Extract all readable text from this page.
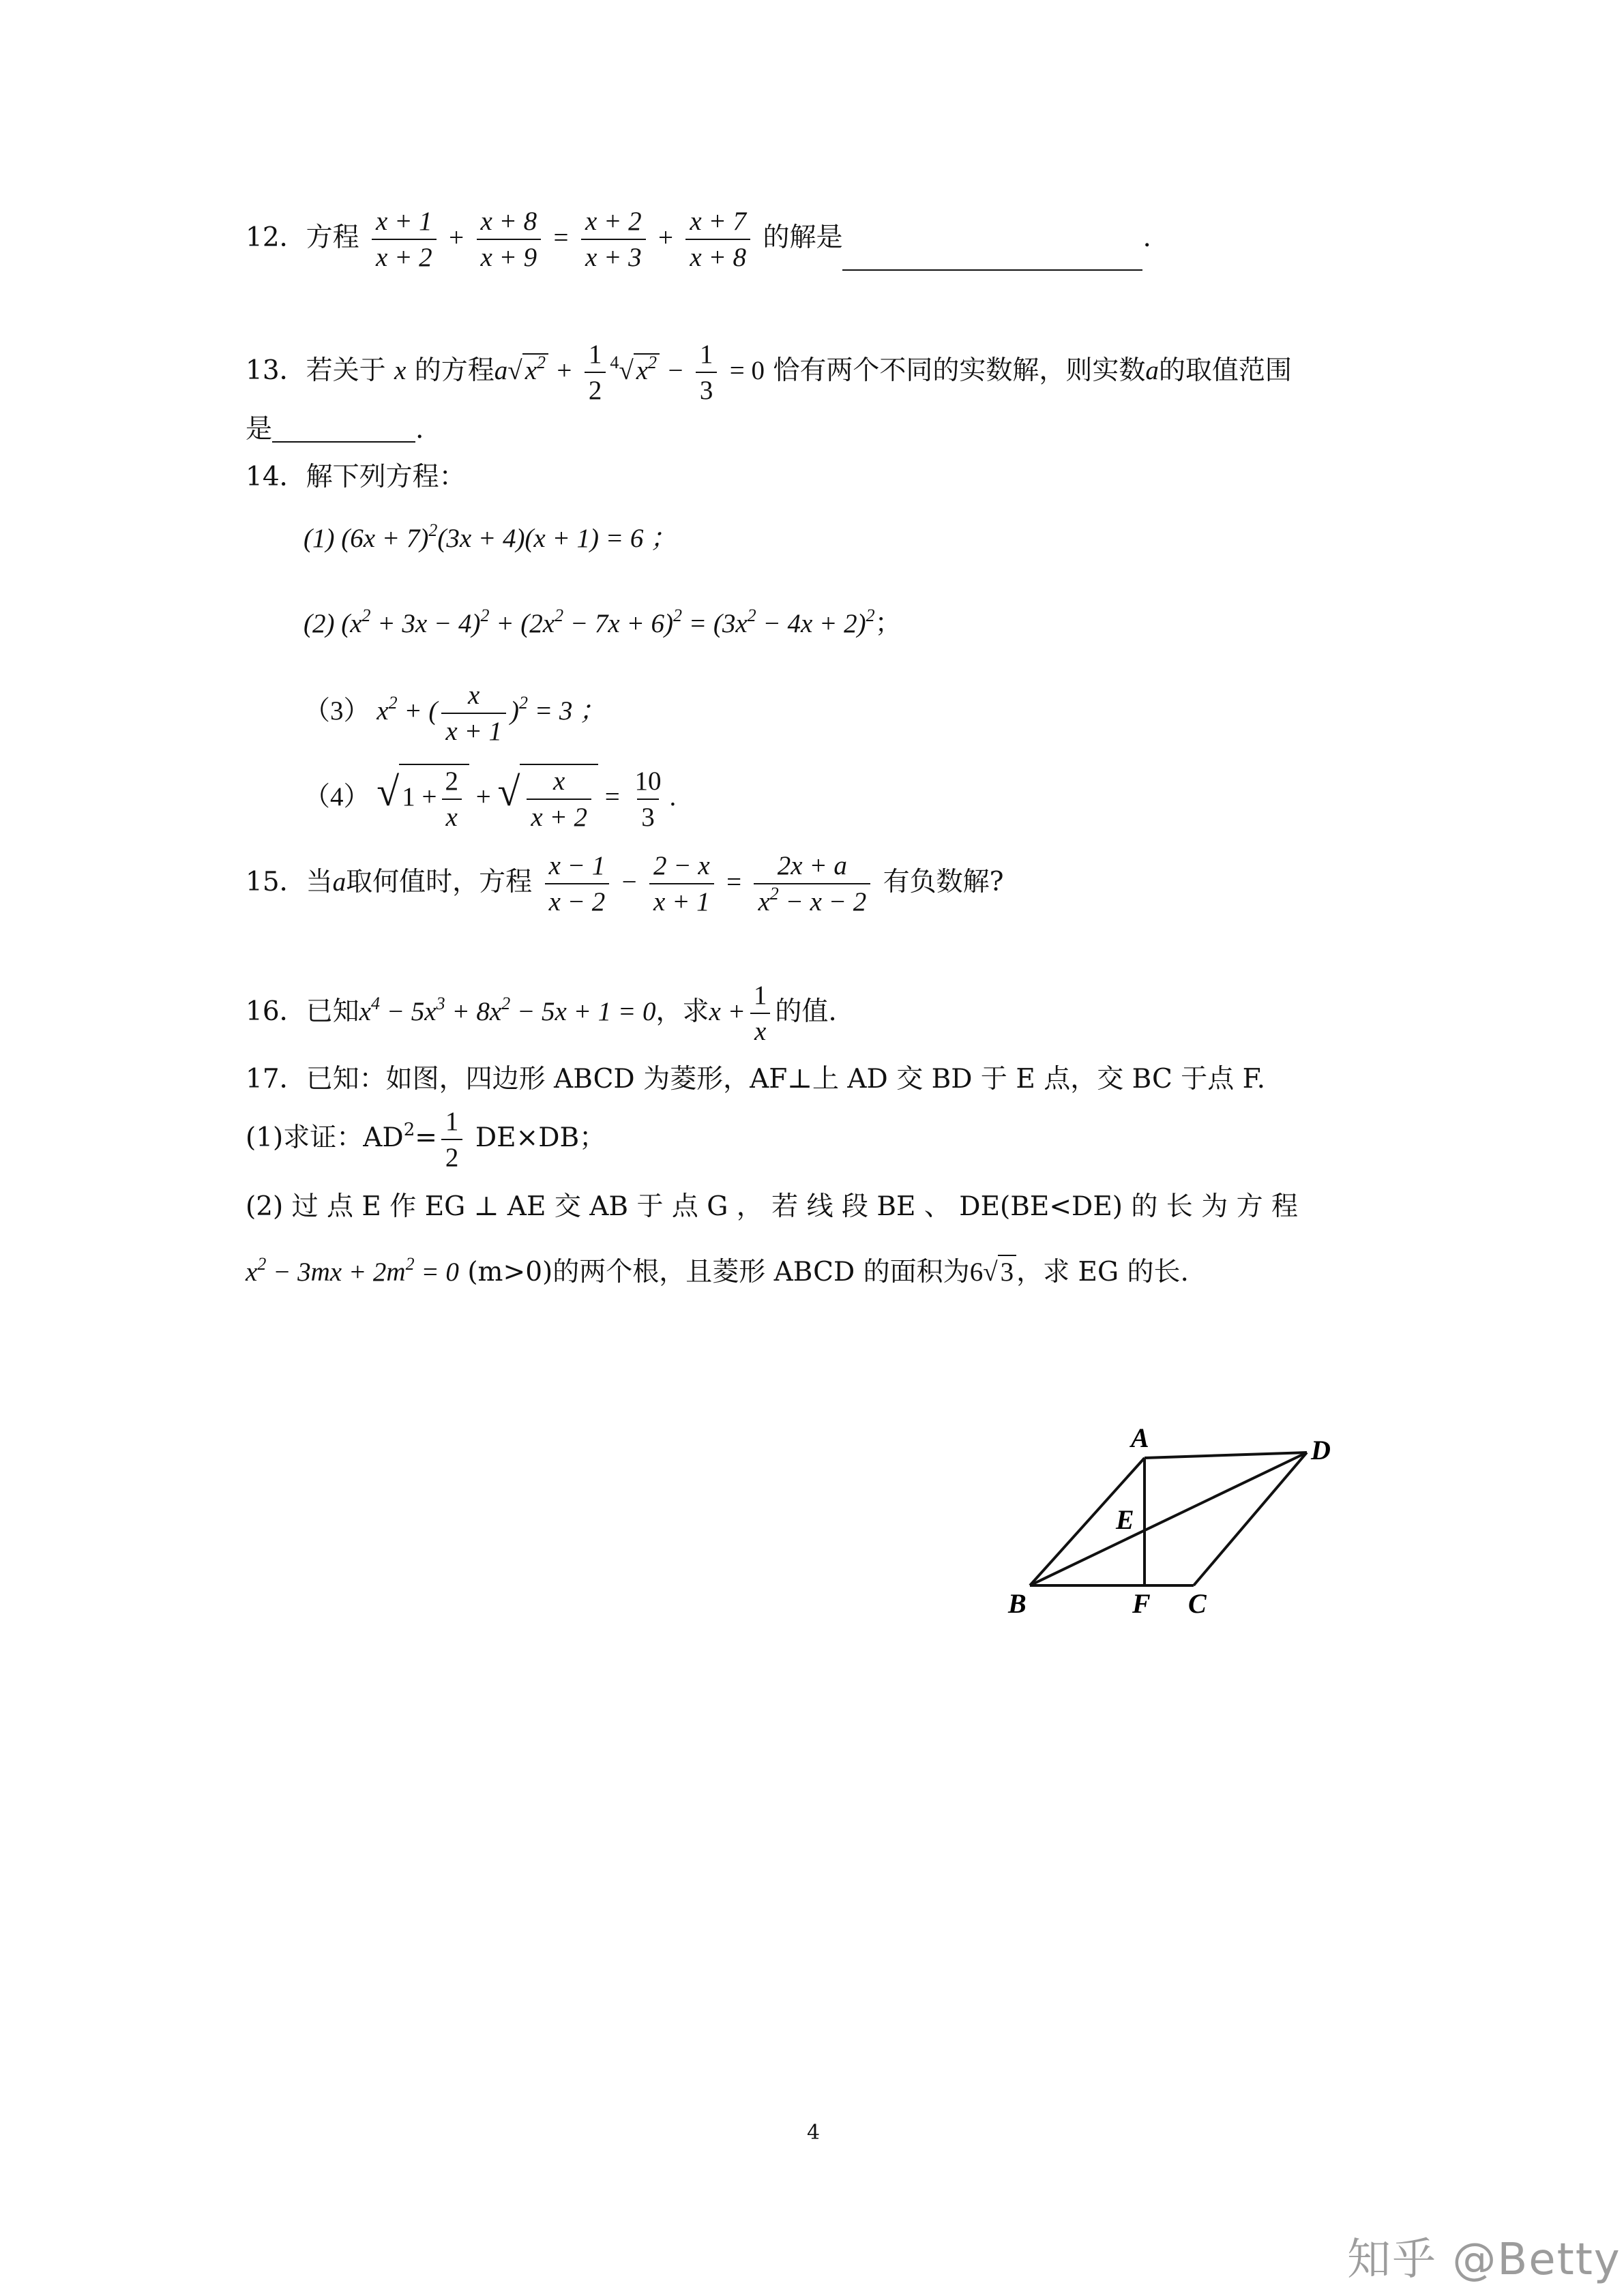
12．方程 $\frac{x + 1}{x + 2} + \frac{x + 8}{x + 9} = \frac{x + 2}{x + 3} + \frac{x + 7}{x + 8}$ 的解是	.
13．若关于 x 的方程a√ $x^2 + \frac{1}{2} ^4√$ $x^2 - \frac{1}{3} = 0$ 恰有两个不同的实数解，则实数a的取值范围
是	.
14．解下列方程：
(1) $(6x + 7)^2(3x + 4)(x + 1) = 6$ ；
(2) $(x^2 + 3x - 4)^2 + (2x^2 - 7x + 6)^2 = (3x^2 - 4x + 2)^2$；
（3） $x^2$ + ( $\frac{x}{x + 1} )^2 = 3$ ；
（4） √ $1 + \frac{2}{x}$ + √ $\frac{x}{x + 2} = \frac{10}{3}$ .
15．当a取何值时，方程 $\frac{x - 1}{x - 2} - \frac{2 - x}{x + 1} = \frac{2x + a}{x^2 - x - 2}$ 有负数解?
16．已知$x^4 - 5x^3 + 8x^2 - 5x + 1 = 0$，求$x + \frac{1}{x}$ 的值.
17．已知：如图，四边形 ABCD 为菱形，AF⊥上 AD 交 BD 于 E 点，交 BC 于点 F.
(1)求证：$AD^2= \frac{1}{2} DE\times DB$；
(2) 过 点 E 作 EG ⊥ AE 交 AB 于 点 G ， 若 线 段 BE 、 DE(BE<DE) 的 长 为 方 程
$x^2 - 3mx + 2m^2 = 0$ (m>0)的两个根，且菱形 ABCD 的面积为6√ 3 ，求 EG 的长.
A	D
E
B	F C
4
知乎 @Betty
